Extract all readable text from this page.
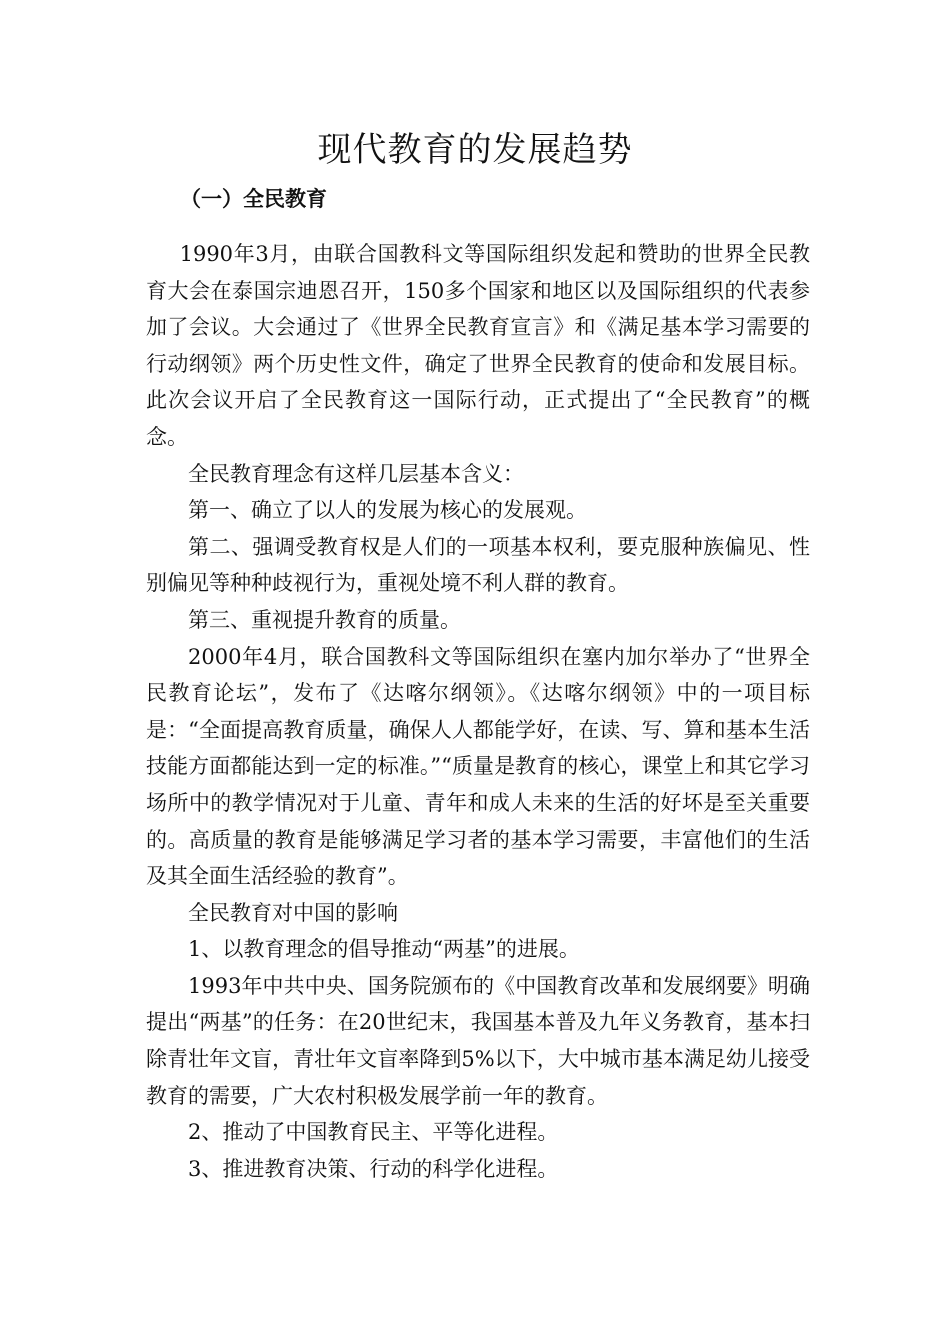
现代教育的发展趋势
（一）全民教育

1990年3月，由联合国教科文等国际组织发起和赞助的世界全民教育大会在泰国宗迪恩召开，150多个国家和地区以及国际组织的代表参加了会议。大会通过了《世界全民教育宣言》和《满足基本学习需要的行动纲领》两个历史性文件，确定了世界全民教育的使命和发展目标。此次会议开启了全民教育这一国际行动，正式提出了“全民教育”的概念。

全民教育理念有这样几层基本含义：

第一、确立了以人的发展为核心的发展观。

第二、强调受教育权是人们的一项基本权利，要克服种族偏见、性别偏见等种种歧视行为，重视处境不利人群的教育。

第三、重视提升教育的质量。

2000年4月，联合国教科文等国际组织在塞内加尔举办了“世界全民教育论坛”，发布了《达喀尔纲领》。《达喀尔纲领》中的一项目标是：“全面提高教育质量，确保人人都能学好，在读、写、算和基本生活技能方面都能达到一定的标准。”“质量是教育的核心，课堂上和其它学习场所中的教学情况对于儿童、青年和成人未来的生活的好坏是至关重要的。高质量的教育是能够满足学习者的基本学习需要，丰富他们的生活及其全面生活经验的教育”。

全民教育对中国的影响

1、以教育理念的倡导推动“两基”的进展。

1993年中共中央、国务院颁布的《中国教育改革和发展纲要》明确提出“两基”的任务：在20世纪末，我国基本普及九年义务教育，基本扫除青壮年文盲，青壮年文盲率降到5%以下，大中城市基本满足幼儿接受教育的需要，广大农村积极发展学前一年的教育。

2、推动了中国教育民主、平等化进程。

3、推进教育决策、行动的科学化进程。
